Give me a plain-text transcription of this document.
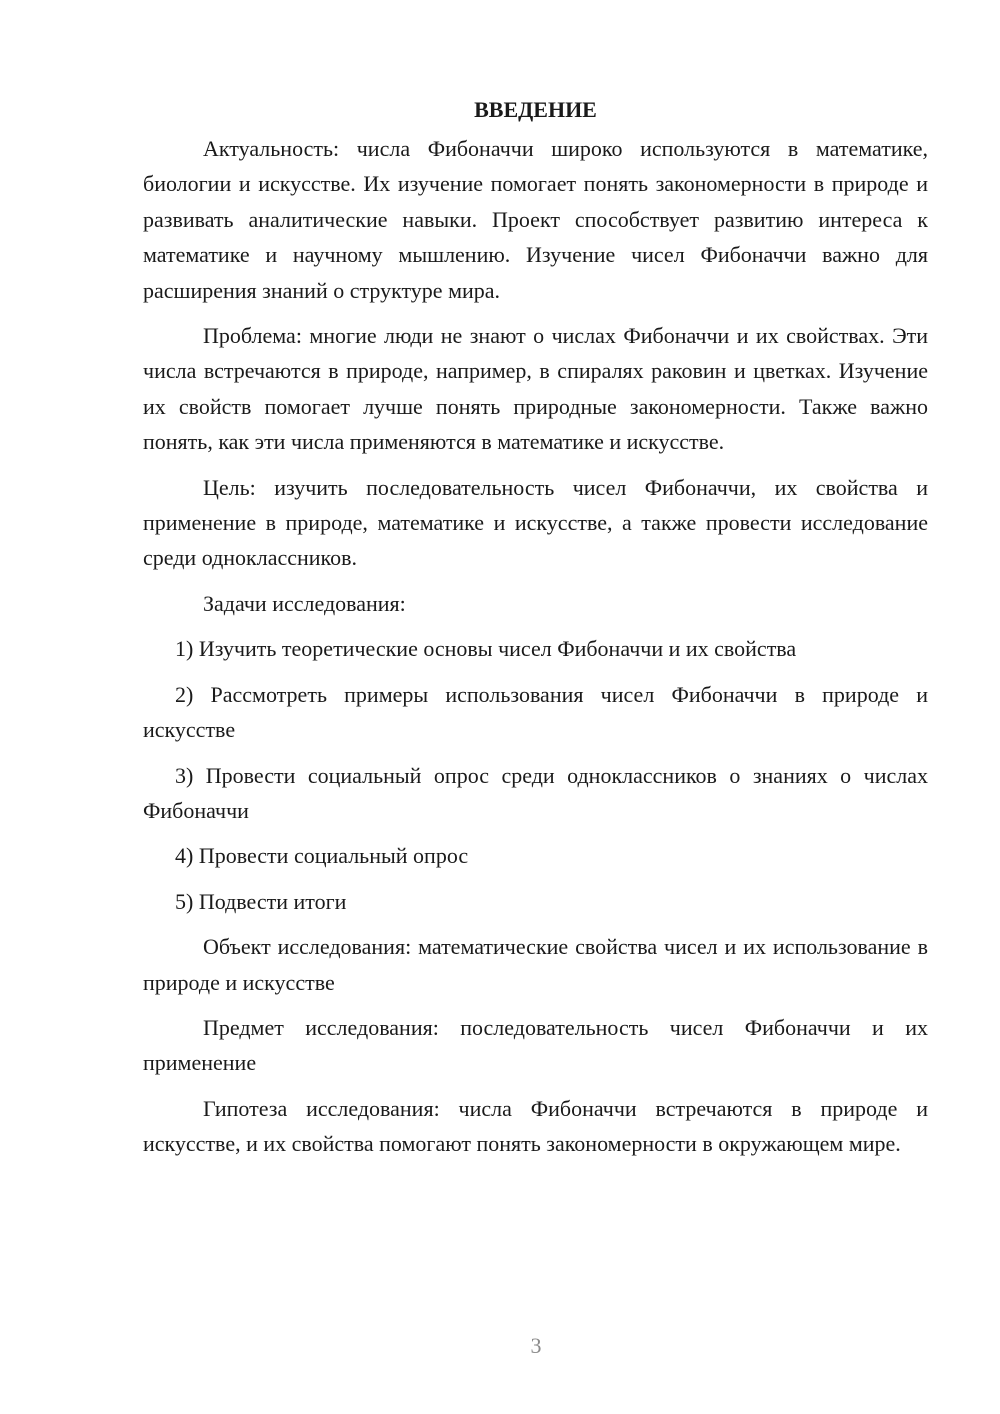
ВВЕДЕНИЕ

Актуальность: числа Фибоначчи широко используются в математике, биологии и искусстве. Их изучение помогает понять закономерности в природе и развивать аналитические навыки. Проект способствует развитию интереса к математике и научному мышлению. Изучение чисел Фибоначчи важно для расширения знаний о структуре мира.

Проблема: многие люди не знают о числах Фибоначчи и их свойствах. Эти числа встречаются в природе, например, в спиралях раковин и цветках. Изучение их свойств помогает лучше понять природные закономерности. Также важно понять, как эти числа применяются в математике и искусстве.

Цель: изучить последовательность чисел Фибоначчи, их свойства и применение в природе, математике и искусстве, а также провести исследование среди одноклассников.

Задачи исследования:

1) Изучить теоретические основы чисел Фибоначчи и их свойства

2) Рассмотреть примеры использования чисел Фибоначчи в природе и искусстве

3) Провести социальный опрос среди одноклассников о знаниях о числах Фибоначчи

4) Провести социальный опрос

5) Подвести итоги

Объект исследования: математические свойства чисел и их использование в природе и искусстве

Предмет исследования: последовательность чисел Фибоначчи и их применение

Гипотеза исследования: числа Фибоначчи встречаются в природе и искусстве, и их свойства помогают понять закономерности в окружающем мире.

3
